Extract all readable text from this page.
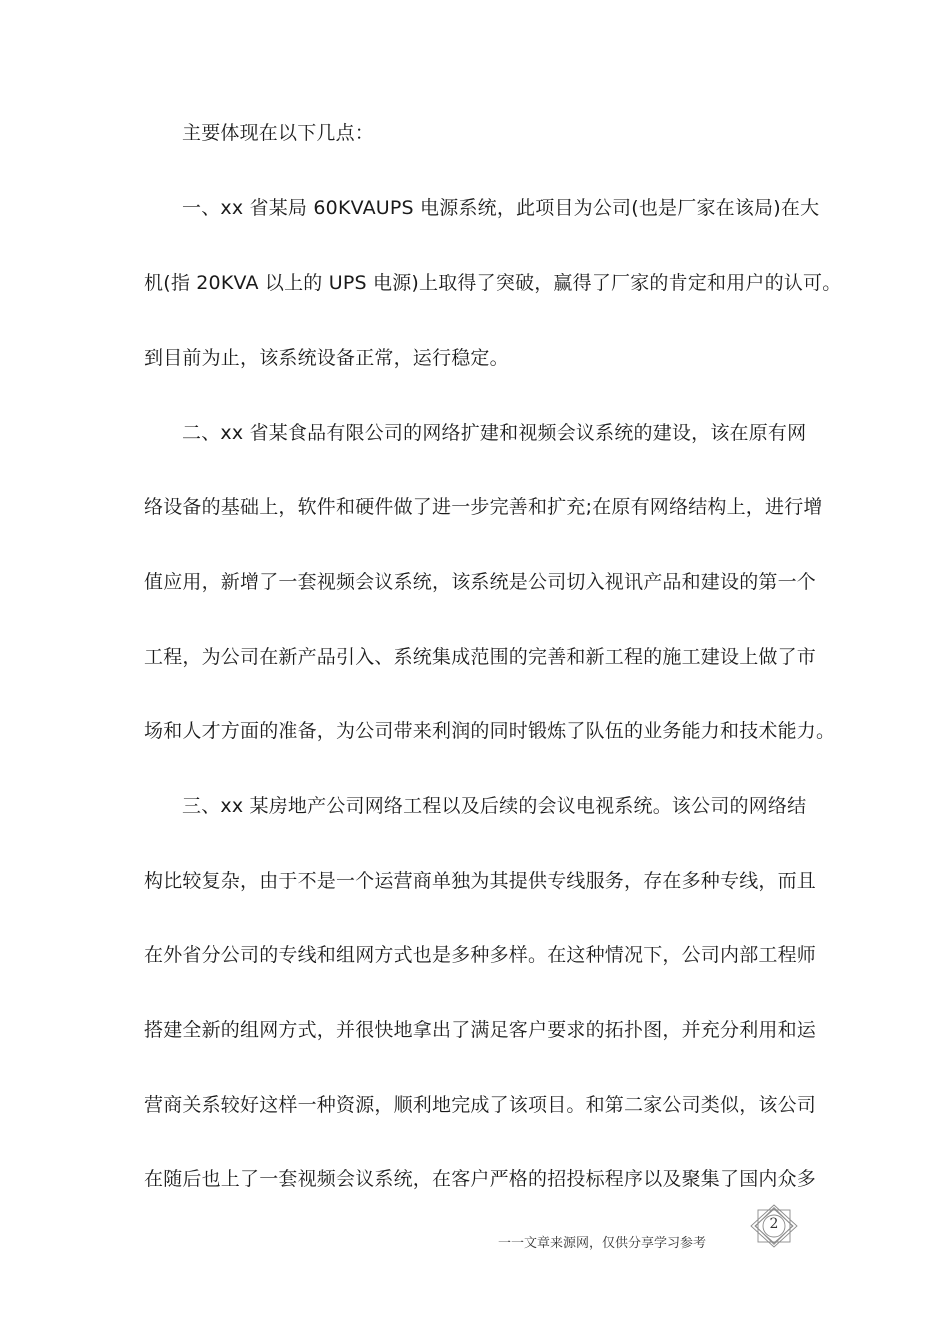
主要体现在以下几点：
一、xx 省某局 60KVAUPS 电源系统，此项目为公司(也是厂家在该局)在大
机(指 20KVA 以上的 UPS 电源)上取得了突破，赢得了厂家的肯定和用户的认可。
到目前为止，该系统设备正常，运行稳定。
二、xx 省某食品有限公司的网络扩建和视频会议系统的建设，该在原有网
络设备的基础上，软件和硬件做了进一步完善和扩充;在原有网络结构上，进行增
值应用，新增了一套视频会议系统，该系统是公司切入视讯产品和建设的第一个
工程，为公司在新产品引入、系统集成范围的完善和新工程的施工建设上做了市
场和人才方面的准备，为公司带来利润的同时锻炼了队伍的业务能力和技术能力。
三、xx 某房地产公司网络工程以及后续的会议电视系统。该公司的网络结
构比较复杂，由于不是一个运营商单独为其提供专线服务，存在多种专线，而且
在外省分公司的专线和组网方式也是多种多样。在这种情况下，公司内部工程师
搭建全新的组网方式，并很快地拿出了满足客户要求的拓扑图，并充分利用和运
营商关系较好这样一种资源，顺利地完成了该项目。和第二家公司类似，该公司
在随后也上了一套视频会议系统，在客户严格的招投标程序以及聚集了国内众多
一一文章来源网，仅供分享学习参考
2
